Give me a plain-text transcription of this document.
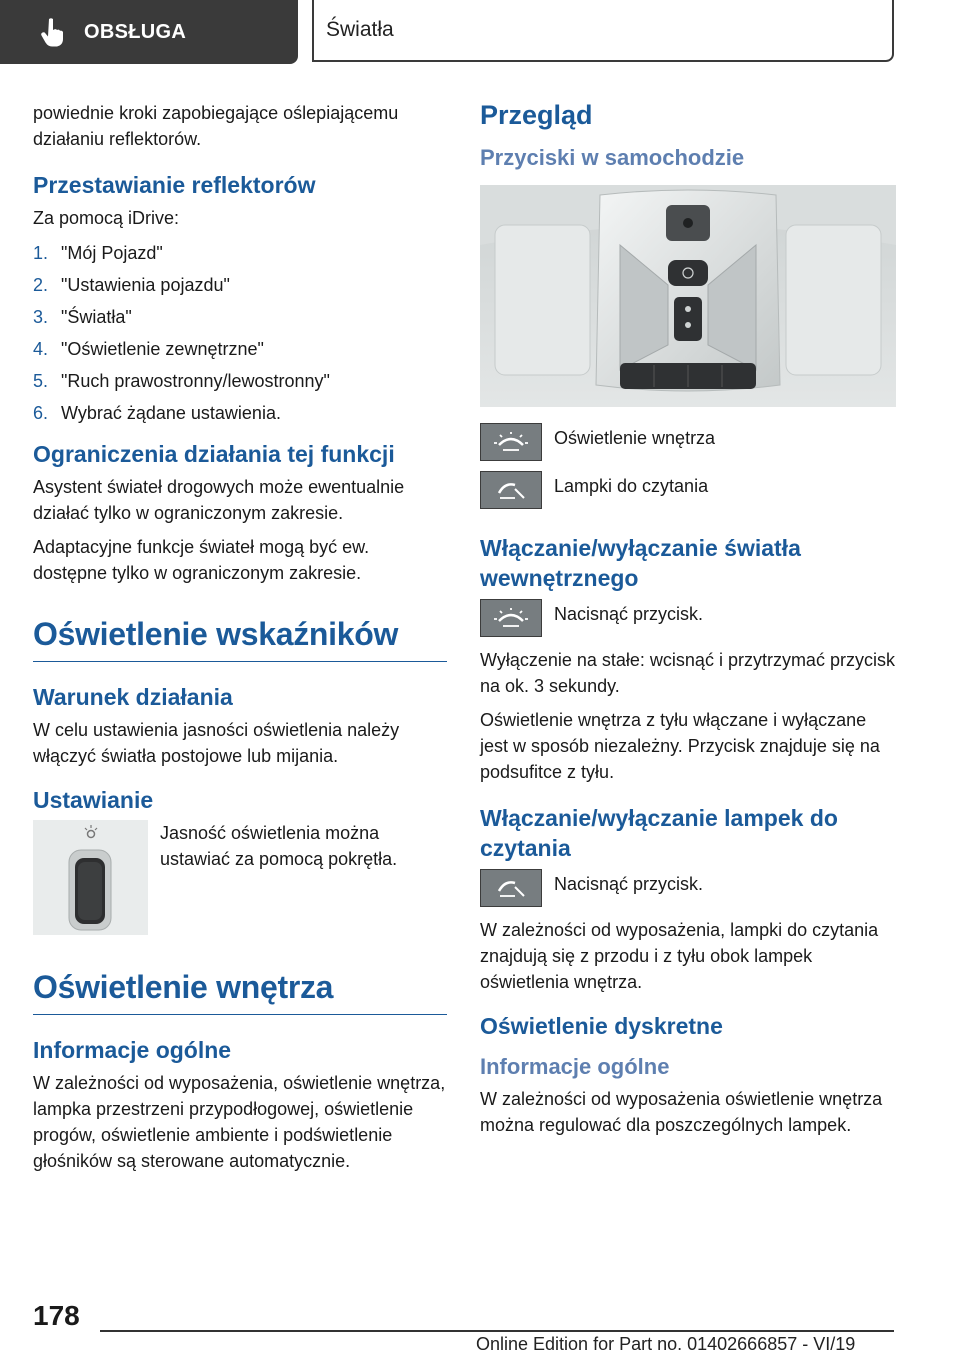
OBSŁUGA	Światła

powiednie kroki zapobiegające oślepiającemu działaniu reflektorów.

Przestawianie reflektorów

Za pomocą iDrive:

1. "Mój Pojazd"
2. "Ustawienia pojazdu"
3. "Światła"
4. "Oświetlenie zewnętrzne"
5. "Ruch prawostronny/lewostronny"
6. Wybrać żądane ustawienia.
Ograniczenia działania tej funkcji

Asystent świateł drogowych może ewentualnie działać tylko w ograniczonym zakresie.

Adaptacyjne funkcje świateł mogą być ew. dostępne tylko w ograniczonym zakresie.

Oświetlenie wskaźników
Warunek działania

W celu ustawienia jasności oświetlenia należy włączyć światła postojowe lub mijania.

Ustawianie
Jasność oświetlenia można ustawiać za pomocą pokrętła.
Oświetlenie wnętrza
Informacje ogólne

W zależności od wyposażenia, oświetlenie wnętrza, lampka przestrzeni przypodłogowej, oświetlenie progów, oświetlenie ambiente i podświetlenie głośników są sterowane automatycznie.

Przegląd
Przyciski w samochodzie
Oświetlenie wnętrza
Lampki do czytania
Włączanie/wyłączanie światła wewnętrznego
Nacisnąć przycisk.

Wyłączenie na stałe: wcisnąć i przytrzymać przycisk na ok. 3 sekundy.

Oświetlenie wnętrza z tyłu włączane i wyłączane jest w sposób niezależny. Przycisk znajduje się na podsufitce z tyłu.

Włączanie/wyłączanie lampek do czytania
Nacisnąć przycisk.

W zależności od wyposażenia, lampki do czytania znajdują się z przodu i z tyłu obok lampek oświetlenia wnętrza.

Oświetlenie dyskretne
Informacje ogólne

W zależności od wyposażenia oświetlenie wnętrza można regulować dla poszczególnych lampek.

178
Online Edition for Part no. 01402666857 - VI/19
